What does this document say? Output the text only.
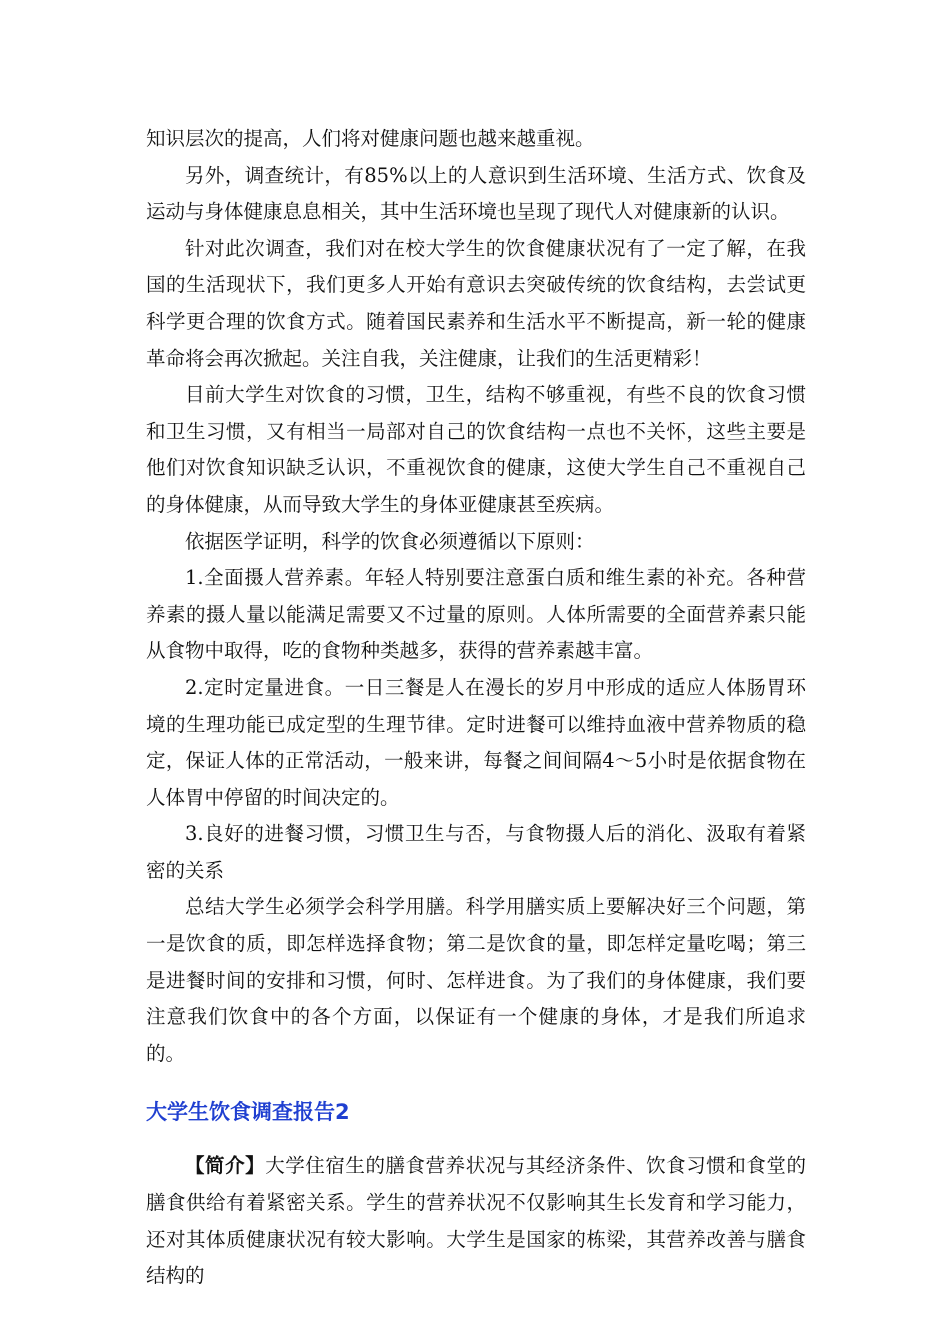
知识层次的提高，人们将对健康问题也越来越重视。

另外，调查统计，有85%以上的人意识到生活环境、生活方式、饮食及运动与身体健康息息相关，其中生活环境也呈现了现代人对健康新的认识。

针对此次调查，我们对在校大学生的饮食健康状况有了一定了解，在我国的生活现状下，我们更多人开始有意识去突破传统的饮食结构，去尝试更科学更合理的饮食方式。随着国民素养和生活水平不断提高，新一轮的健康革命将会再次掀起。关注自我，关注健康，让我们的生活更精彩！

目前大学生对饮食的习惯，卫生，结构不够重视，有些不良的饮食习惯和卫生习惯，又有相当一局部对自己的饮食结构一点也不关怀，这些主要是他们对饮食知识缺乏认识，不重视饮食的健康，这使大学生自己不重视自己的身体健康，从而导致大学生的身体亚健康甚至疾病。

依据医学证明，科学的饮食必须遵循以下原则：

1.全面摄人营养素。年轻人特别要注意蛋白质和维生素的补充。各种营养素的摄人量以能满足需要又不过量的原则。人体所需要的全面营养素只能从食物中取得，吃的食物种类越多，获得的营养素越丰富。

2.定时定量进食。一日三餐是人在漫长的岁月中形成的适应人体肠胃环境的生理功能已成定型的生理节律。定时进餐可以维持血液中营养物质的稳定，保证人体的正常活动，一般来讲，每餐之间间隔4～5小时是依据食物在人体胃中停留的时间决定的。

3.良好的进餐习惯，习惯卫生与否，与食物摄人后的消化、汲取有着紧密的关系

总结大学生必须学会科学用膳。科学用膳实质上要解决好三个问题，第一是饮食的质，即怎样选择食物；第二是饮食的量，即怎样定量吃喝；第三是进餐时间的安排和习惯，何时、怎样进食。为了我们的身体健康，我们要注意我们饮食中的各个方面，以保证有一个健康的身体，才是我们所追求的。

大学生饮食调查报告2

【简介】大学住宿生的膳食营养状况与其经济条件、饮食习惯和食堂的膳食供给有着紧密关系。学生的营养状况不仅影响其生长发育和学习能力，还对其体质健康状况有较大影响。大学生是国家的栋梁，其营养改善与膳食结构的
